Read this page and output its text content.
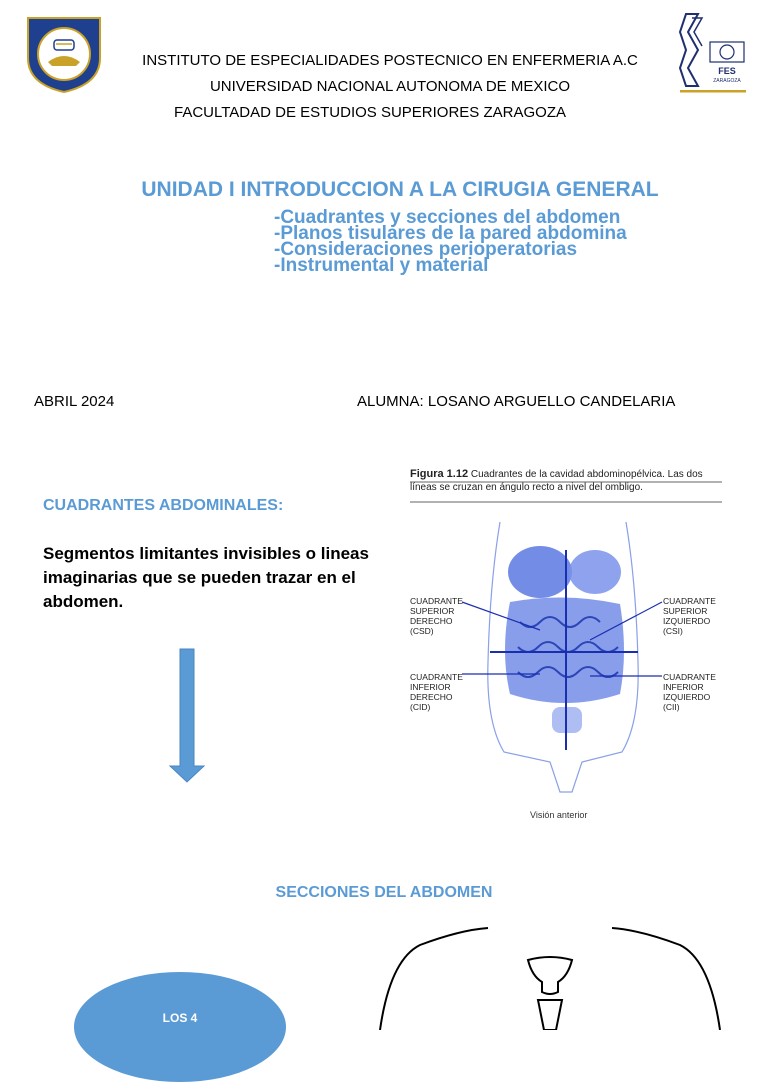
FES
ZARAGOZA
INSTITUTO DE ESPECIALIDADES POSTECNICO EN ENFERMERIA A.C
UNIVERSIDAD NACIONAL AUTONOMA DE MEXICO
FACULTADAD DE ESTUDIOS SUPERIORES ZARAGOZA
UNIDAD I INTRODUCCION A LA CIRUGIA GENERAL
-Cuadrantes y secciones del abdomen
-Planos tisulares de la pared abdomina
-Consideraciones perioperatorias
-Instrumental y material
ABRIL 2024	ALUMNA: LOSANO ARGUELLO CANDELARIA
CUADRANTES ABDOMINALES:
Segmentos limitantes invisibles o lineas imaginarias que se pueden trazar en el abdomen.
Figura 1.12 Cuadrantes de la cavidad abdominopélvica. Las dos líneas se cruzan en ángulo recto a nivel del ombligo.
CUADRANTE
SUPERIOR
DERECHO
(CSD)
CUADRANTE
SUPERIOR
IZQUIERDO
(CSI)
CUADRANTE
INFERIOR
DERECHO
(CID)
CUADRANTE
INFERIOR
IZQUIERDO
(CII)
Visión anterior
SECCIONES DEL ABDOMEN
LOS 4
